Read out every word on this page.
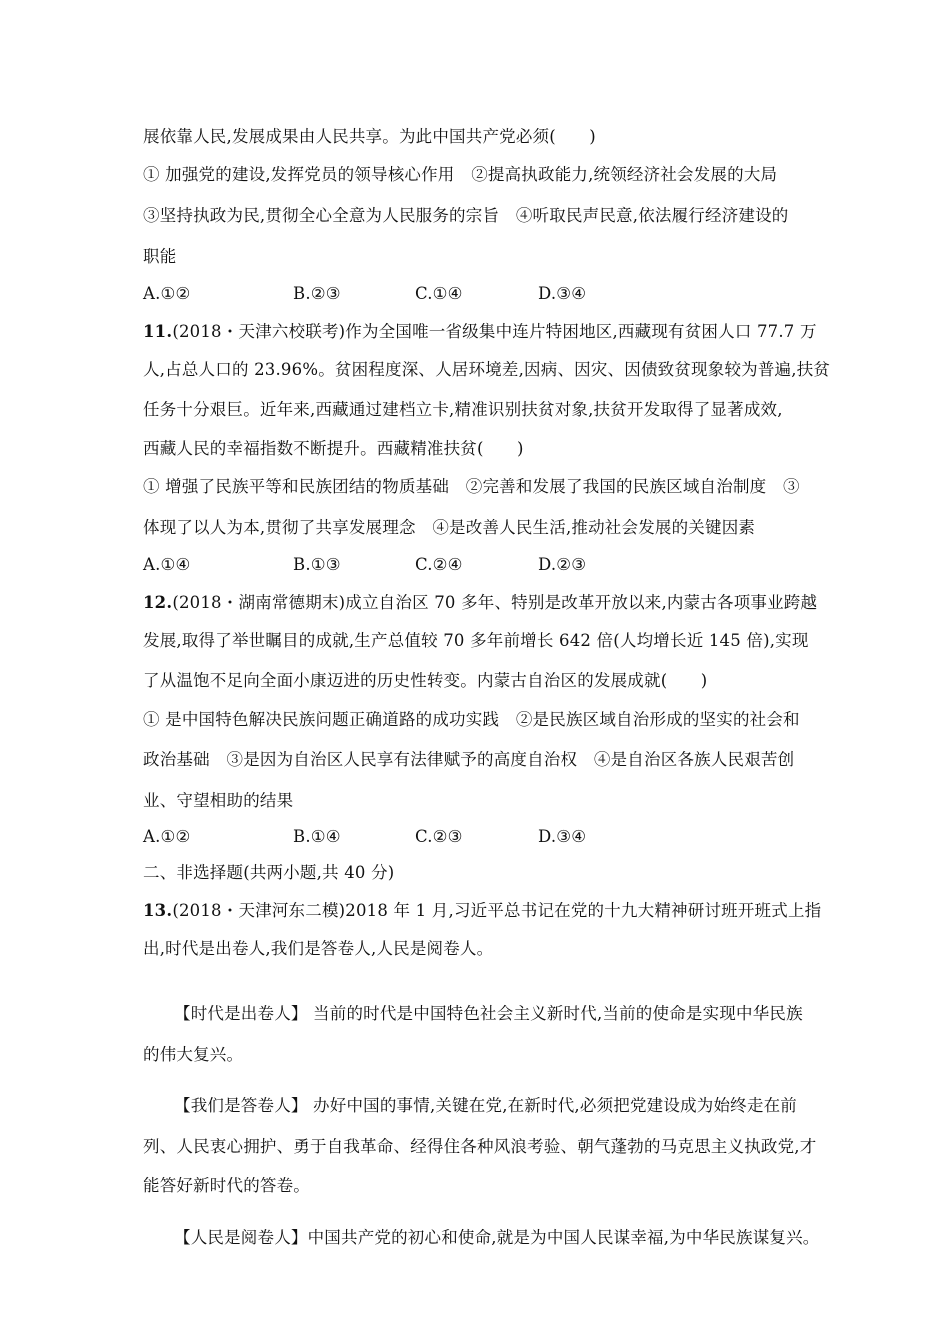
展依靠人民,发展成果由人民共享。为此中国共产党必须(　　)
① 加强党的建设,发挥党员的领导核心作用　②提高执政能力,统领经济社会发展的大局
③坚持执政为民,贯彻全心全意为人民服务的宗旨　④听取民声民意,依法履行经济建设的
职能
A.①②	B.②③	C.①④	D.③④
11.(2018・天津六校联考)作为全国唯一省级集中连片特困地区,西藏现有贫困人口 77.7 万
人,占总人口的 23.96%。贫困程度深、人居环境差,因病、因灾、因债致贫现象较为普遍,扶贫
任务十分艰巨。近年来,西藏通过建档立卡,精准识别扶贫对象,扶贫开发取得了显著成效,
西藏人民的幸福指数不断提升。西藏精准扶贫(　　)
① 增强了民族平等和民族团结的物质基础　②完善和发展了我国的民族区域自治制度　③
体现了以人为本,贯彻了共享发展理念　④是改善人民生活,推动社会发展的关键因素
A.①④	B.①③	C.②④	D.②③
12.(2018・湖南常德期末)成立自治区 70 多年、特别是改革开放以来,内蒙古各项事业跨越
发展,取得了举世瞩目的成就,生产总值较 70 多年前增长 642 倍(人均增长近 145 倍),实现
了从温饱不足向全面小康迈进的历史性转变。内蒙古自治区的发展成就(　　)
① 是中国特色解决民族问题正确道路的成功实践　②是民族区域自治形成的坚实的社会和
政治基础　③是因为自治区人民享有法律赋予的高度自治权　④是自治区各族人民艰苦创
业、守望相助的结果
A.①②	B.①④	C.②③	D.③④
二、非选择题(共两小题,共 40 分)
13.(2018・天津河东二模)2018 年 1 月,习近平总书记在党的十九大精神研讨班开班式上指
出,时代是出卷人,我们是答卷人,人民是阅卷人。
【时代是出卷人】 当前的时代是中国特色社会主义新时代,当前的使命是实现中华民族
的伟大复兴。
【我们是答卷人】 办好中国的事情,关键在党,在新时代,必须把党建设成为始终走在前
列、人民衷心拥护、勇于自我革命、经得住各种风浪考验、朝气蓬勃的马克思主义执政党,才
能答好新时代的答卷。
【人民是阅卷人】中国共产党的初心和使命,就是为中国人民谋幸福,为中华民族谋复兴。
